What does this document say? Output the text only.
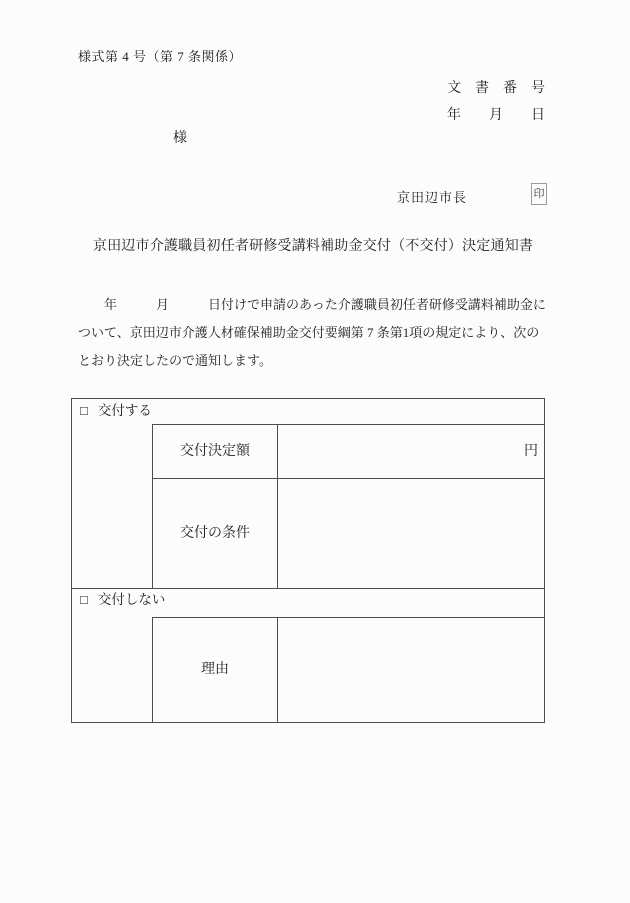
様式第 4 号（第 7 条関係）
文　書　番　号
年　　月　　日
様
京田辺市長	印
京田辺市介護職員初任者研修受講料補助金交付（不交付）決定通知書
　　年　　　月　　　日付けで申請のあった介護職員初任者研修受講料補助金に
ついて、京田辺市介護人材確保補助金交付要綱第 7 条第1項の規定により、次の
とおり決定したので通知します。
□ 交付する
交付決定額	円
交付の条件
□ 交付しない
理由
